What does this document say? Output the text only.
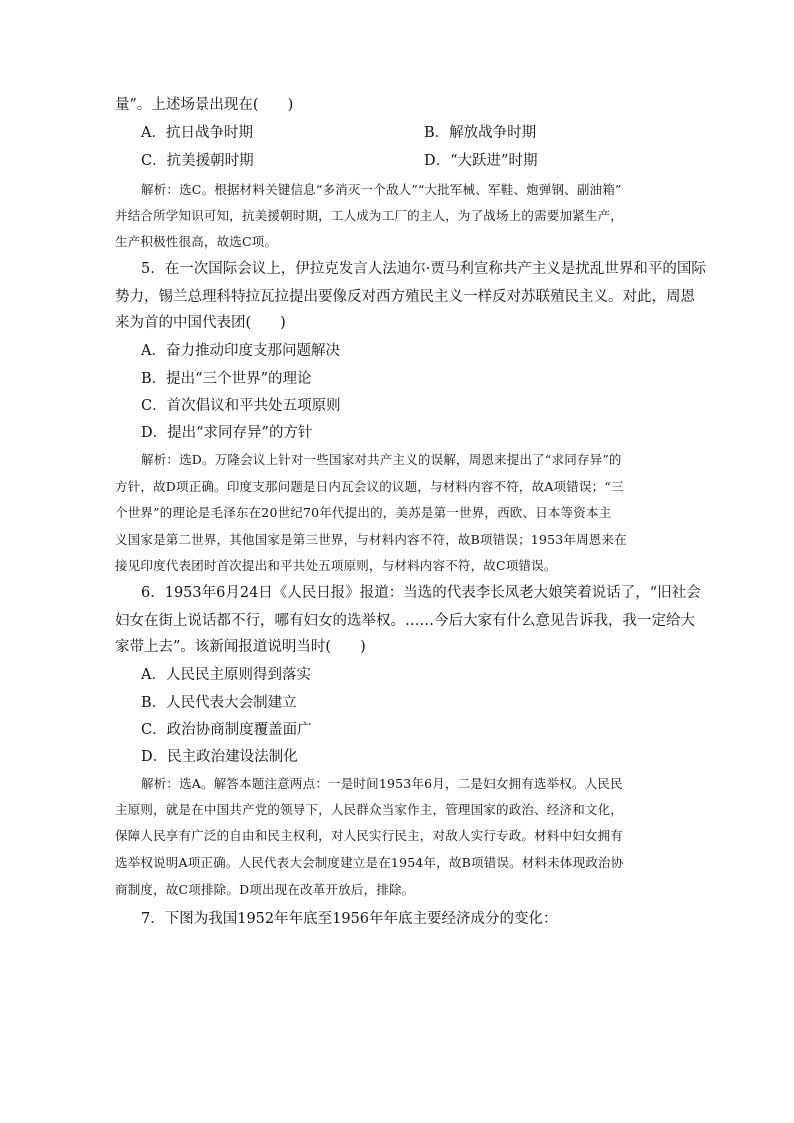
量”。上述场景出现在(　　)
A．抗日战争时期	B．解放战争时期
C．抗美援朝时期	D．“大跃进”时期
解析：选C。根据材料关键信息“多消灭一个敌人”“大批军械、军鞋、炮弹钢、副油箱”
并结合所学知识可知，抗美援朝时期，工人成为工厂的主人，为了战场上的需要加紧生产，
生产积极性很高，故选C项。
5．在一次国际会议上，伊拉克发言人法迪尔·贾马利宣称共产主义是扰乱世界和平的国际
势力，锡兰总理科特拉瓦拉提出要像反对西方殖民主义一样反对苏联殖民主义。对此，周恩
来为首的中国代表团(　　)
A．奋力推动印度支那问题解决
B．提出“三个世界”的理论
C．首次倡议和平共处五项原则
D．提出“求同存异”的方针
解析：选D。万隆会议上针对一些国家对共产主义的误解，周恩来提出了“求同存异”的
方针，故D项正确。印度支那问题是日内瓦会议的议题，与材料内容不符，故A项错误；“三
个世界”的理论是毛泽东在20世纪70年代提出的，美苏是第一世界，西欧、日本等资本主
义国家是第二世界，其他国家是第三世界，与材料内容不符，故B项错误；1953年周恩来在
接见印度代表团时首次提出和平共处五项原则，与材料内容不符，故C项错误。
6．1953年6月24日《人民日报》报道：当选的代表李长凤老大娘笑着说话了，“旧社会
妇女在街上说话都不行，哪有妇女的选举权。……今后大家有什么意见告诉我，我一定给大
家带上去”。该新闻报道说明当时(　　)
A．人民民主原则得到落实
B．人民代表大会制建立
C．政治协商制度覆盖面广
D．民主政治建设法制化
解析：选A。解答本题注意两点：一是时间1953年6月，二是妇女拥有选举权。人民民
主原则，就是在中国共产党的领导下，人民群众当家作主，管理国家的政治、经济和文化，
保障人民享有广泛的自由和民主权利，对人民实行民主，对敌人实行专政。材料中妇女拥有
选举权说明A项正确。人民代表大会制度建立是在1954年，故B项错误。材料未体现政治协
商制度，故C项排除。D项出现在改革开放后，排除。
7．下图为我国1952年年底至1956年年底主要经济成分的变化：
